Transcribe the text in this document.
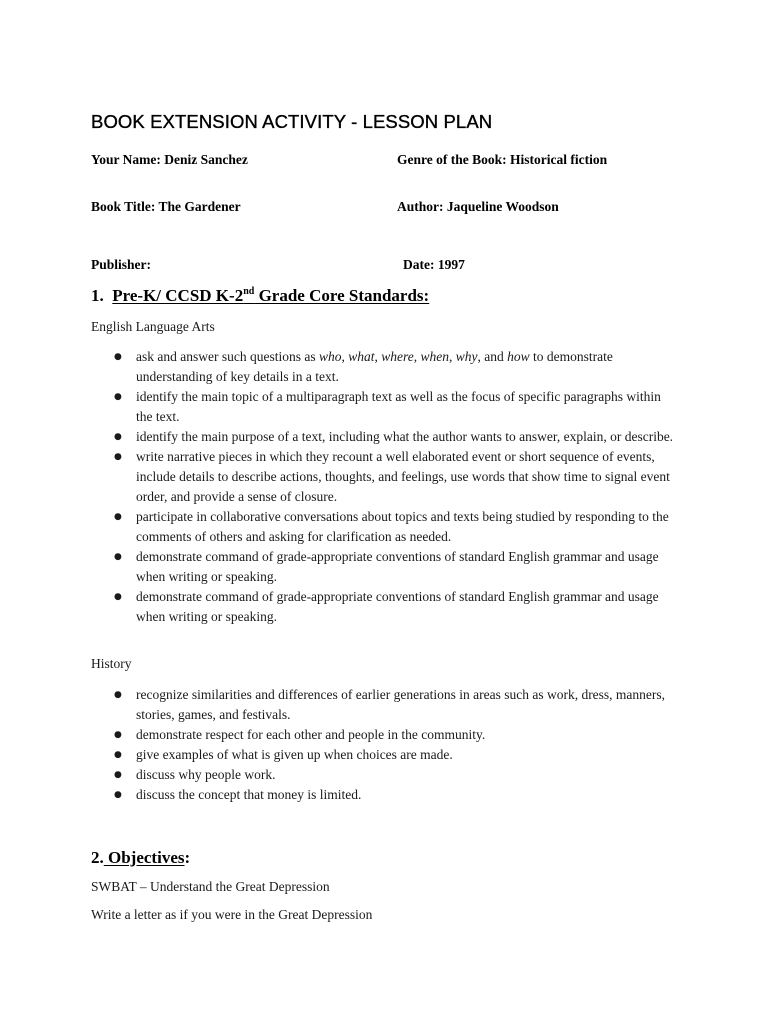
BOOK EXTENSION ACTIVITY - LESSON PLAN
Your Name: Deniz Sanchez	Genre of the Book: Historical fiction
Book Title: The Gardener	Author: Jaqueline Woodson
Publisher:	Date: 1997
1. Pre-K/ CCSD K-2nd Grade Core Standards:
English Language Arts
● ask and answer such questions as who, what, where, when, why, and how to demonstrate understanding of key details in a text.
● identify the main topic of a multiparagraph text as well as the focus of specific paragraphs within the text.
● identify the main purpose of a text, including what the author wants to answer, explain, or describe.
● write narrative pieces in which they recount a well elaborated event or short sequence of events, include details to describe actions, thoughts, and feelings, use words that show time to signal event order, and provide a sense of closure.
● participate in collaborative conversations about topics and texts being studied by responding to the comments of others and asking for clarification as needed.
● demonstrate command of grade-appropriate conventions of standard English grammar and usage when writing or speaking.
● demonstrate command of grade-appropriate conventions of standard English grammar and usage when writing or speaking.
History
● recognize similarities and differences of earlier generations in areas such as work, dress, manners, stories, games, and festivals.
● demonstrate respect for each other and people in the community.
● give examples of what is given up when choices are made.
● discuss why people work.
● discuss the concept that money is limited.
2. Objectives:
SWBAT – Understand the Great Depression
Write a letter as if you were in the Great Depression
